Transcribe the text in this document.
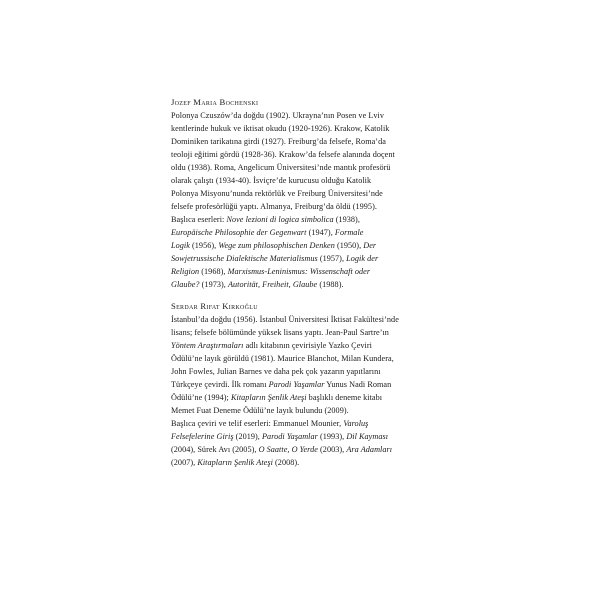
Jozef Maria Bochenski
Polonya Czuszów’da doğdu (1902). Ukrayna’nın Posen ve Lviv
kentlerinde hukuk ve iktisat okudu (1920-1926). Krakow, Katolik
Dominiken tarikatına girdi (1927). Freiburg’da felsefe, Roma’da
teoloji eğitimi gördü (1928-36). Krakow’da felsefe alanında doçent
oldu (1938). Roma, Angelicum Üniversitesi’nde mantık profesörü
olarak çalıştı (1934-40). İsviçre’de kurucusu olduğu Katolik
Polonya Misyonu’nunda rektörlük ve Freiburg Üniversitesi’nde
felsefe profesörlüğü yaptı. Almanya, Freiburg’da öldü (1995).
Başlıca eserleri: Nove lezioni di logica simbolica (1938),
Europäische Philosophie der Gegenwart (1947), Formale
Logik (1956), Wege zum philosophischen Denken (1950), Der
Sowjetrussische Dialektische Materialismus (1957), Logik der
Religion (1968), Marxismus-Leninismus: Wissenschaft oder
Glaube? (1973), Autorität, Freiheit, Glaube (1988).
Serdar Rifat Kirkoğlu
İstanbul’da doğdu (1956). İstanbul Üniversitesi İktisat Fakültesi’nde
lisans; felsefe bölümünde yüksek lisans yaptı. Jean-Paul Sartre’ın
Yöntem Araştırmaları adlı kitabının çevirisiyle Yazko Çeviri
Ödülü’ne layık görüldü (1981). Maurice Blanchot, Milan Kundera,
John Fowles, Julian Barnes ve daha pek çok yazarın yapıtlarını
Türkçeye çevirdi. İlk romanı Parodi Yaşamlar Yunus Nadi Roman
Ödülü’ne (1994); Kitapların Şenlik Ateşi başlıklı deneme kitabı
Memet Fuat Deneme Ödülü’ne layık bulundu (2009).
Başlıca çeviri ve telif eserleri: Emmanuel Mounier, Varoluş
Felsefelerine Giriş (2019), Parodi Yaşamlar (1993), Dil Kayması
(2004), Sürek Avı (2005), O Saatte, O Yerde (2003), Ara Adamları
(2007), Kitapların Şenlik Ateşi (2008).
